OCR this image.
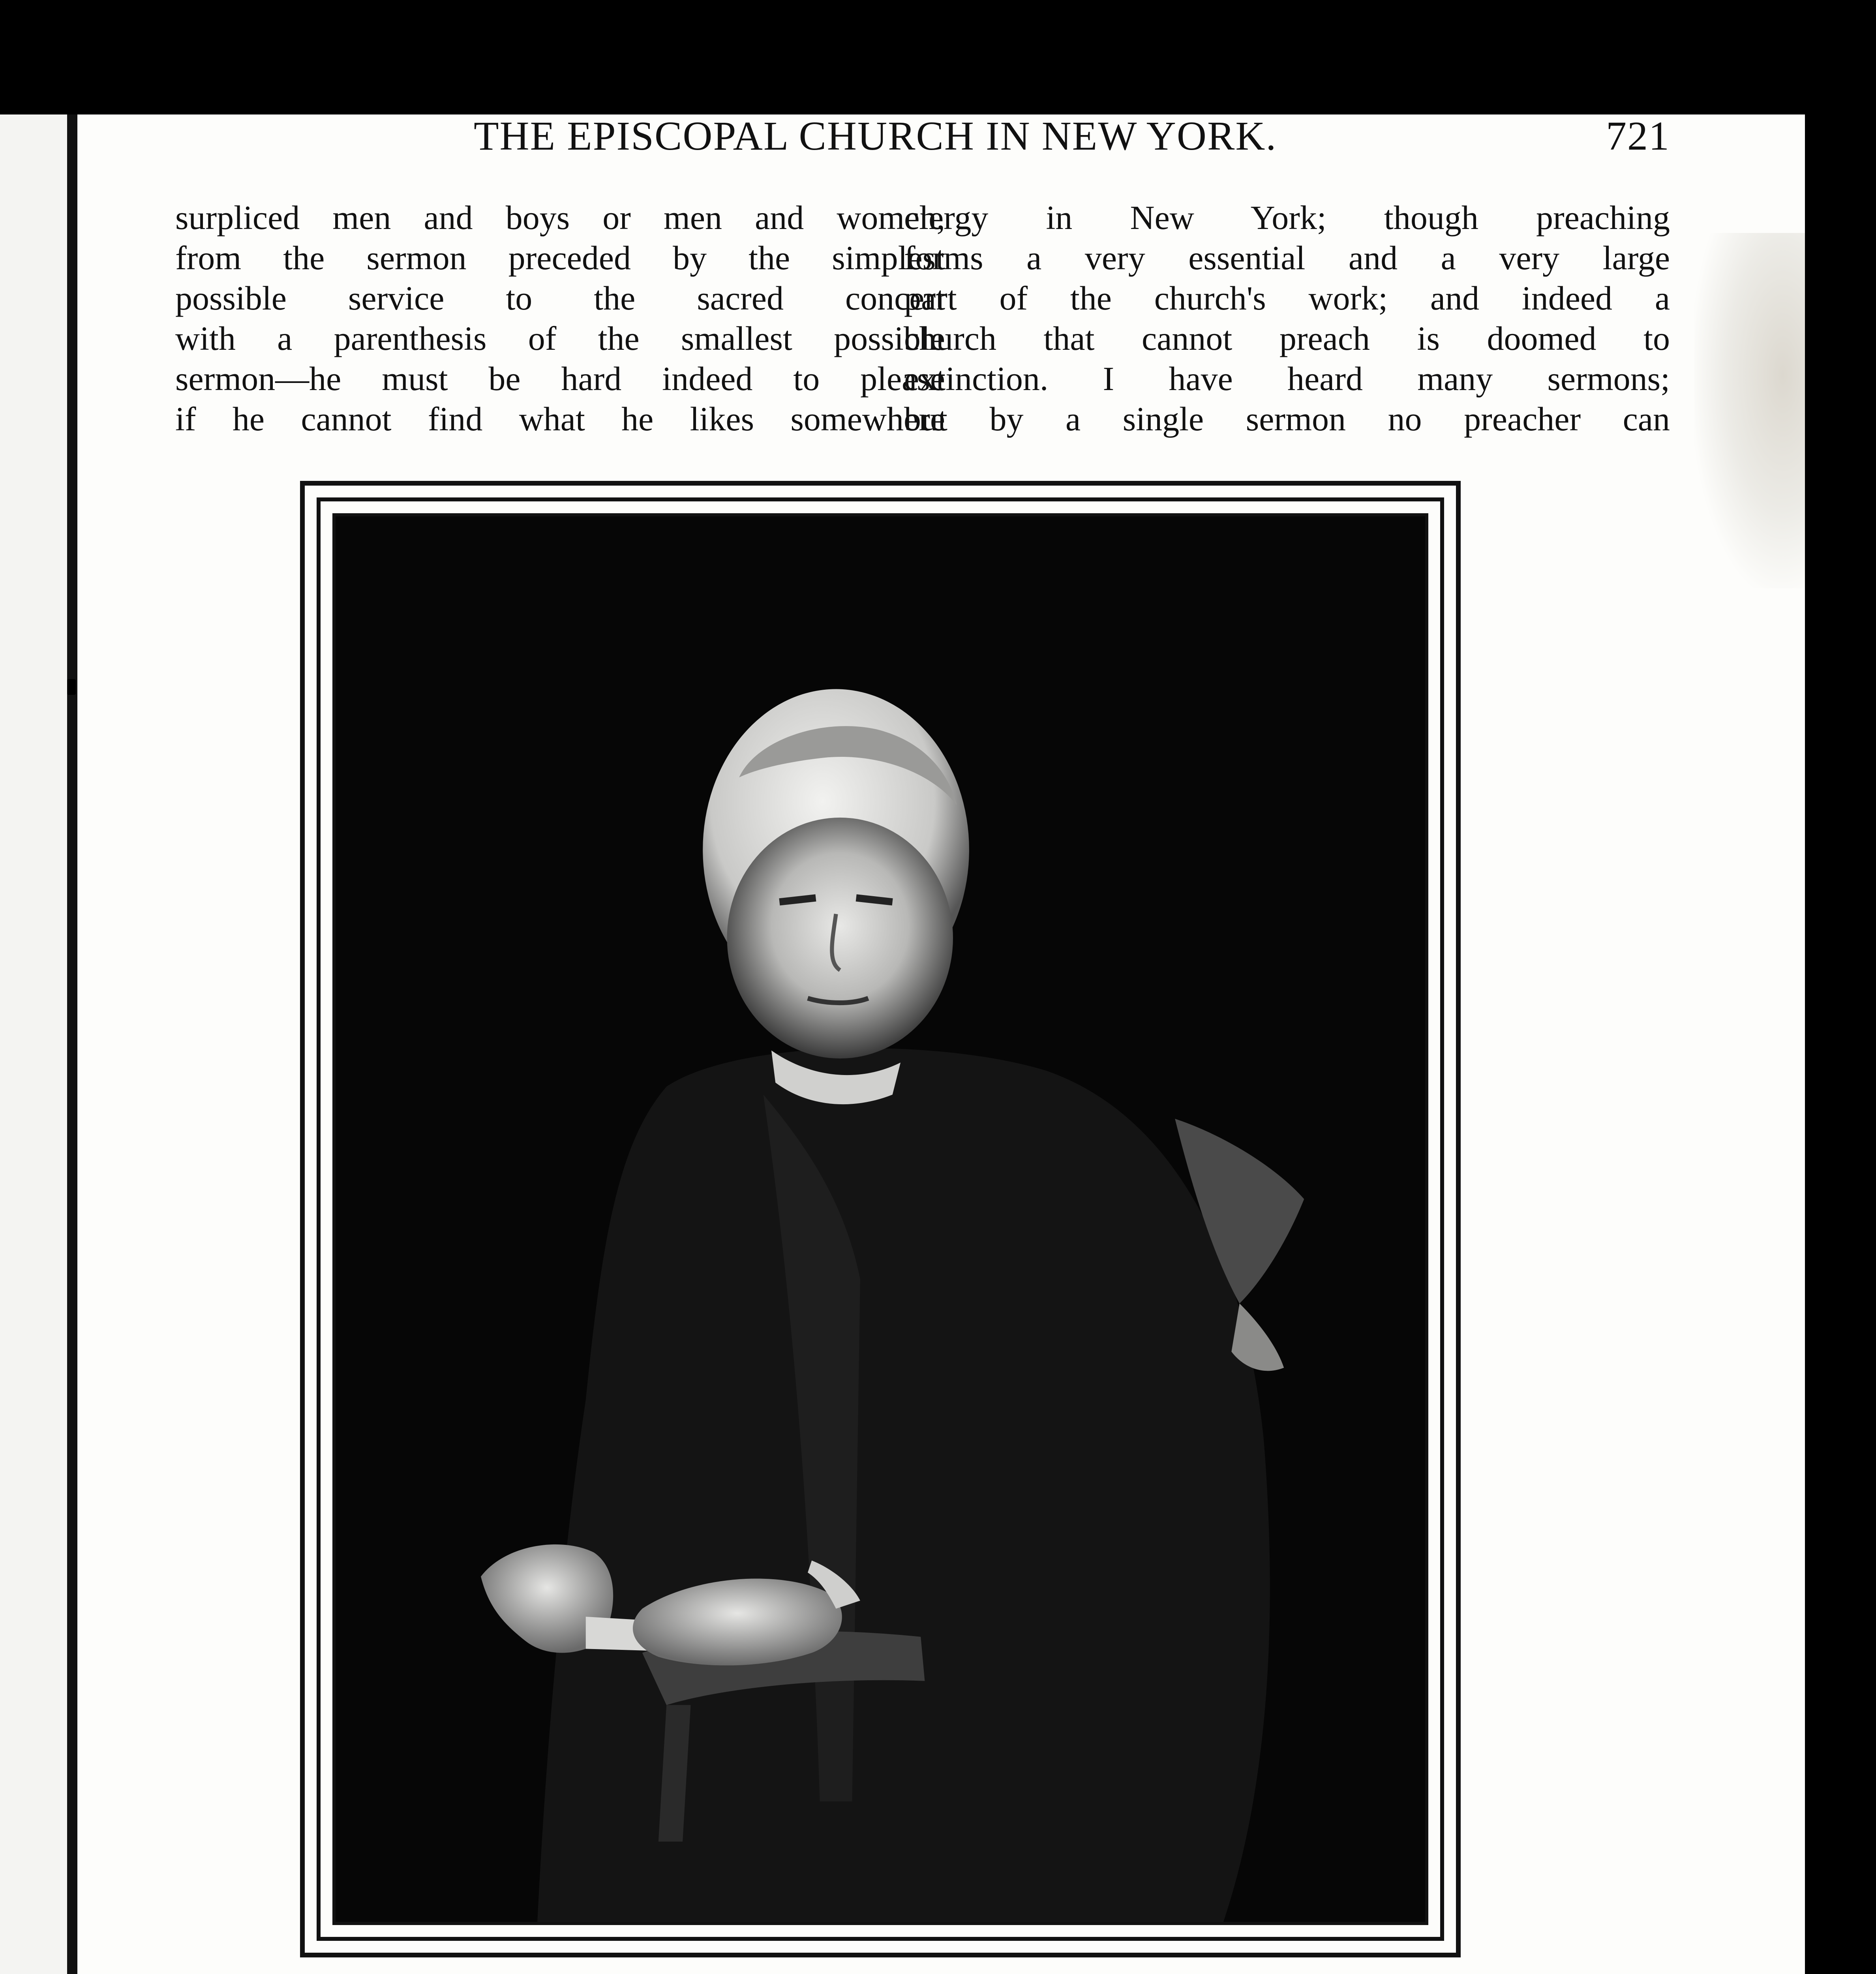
THE EPISCOPAL CHURCH IN NEW YORK.	721
surpliced men and boys or men and women,
from the sermon preceded by the simplest
possible service to the sacred concert
with a parenthesis of the smallest possible
sermon—he must be hard indeed to please
if he cannot find what he likes somewhere
clergy in New York; though preaching
forms a very essential and a very large
part of the church's work; and indeed a
church that cannot preach is doomed to
extinction. I have heard many sermons;
but by a single sermon no preacher can
